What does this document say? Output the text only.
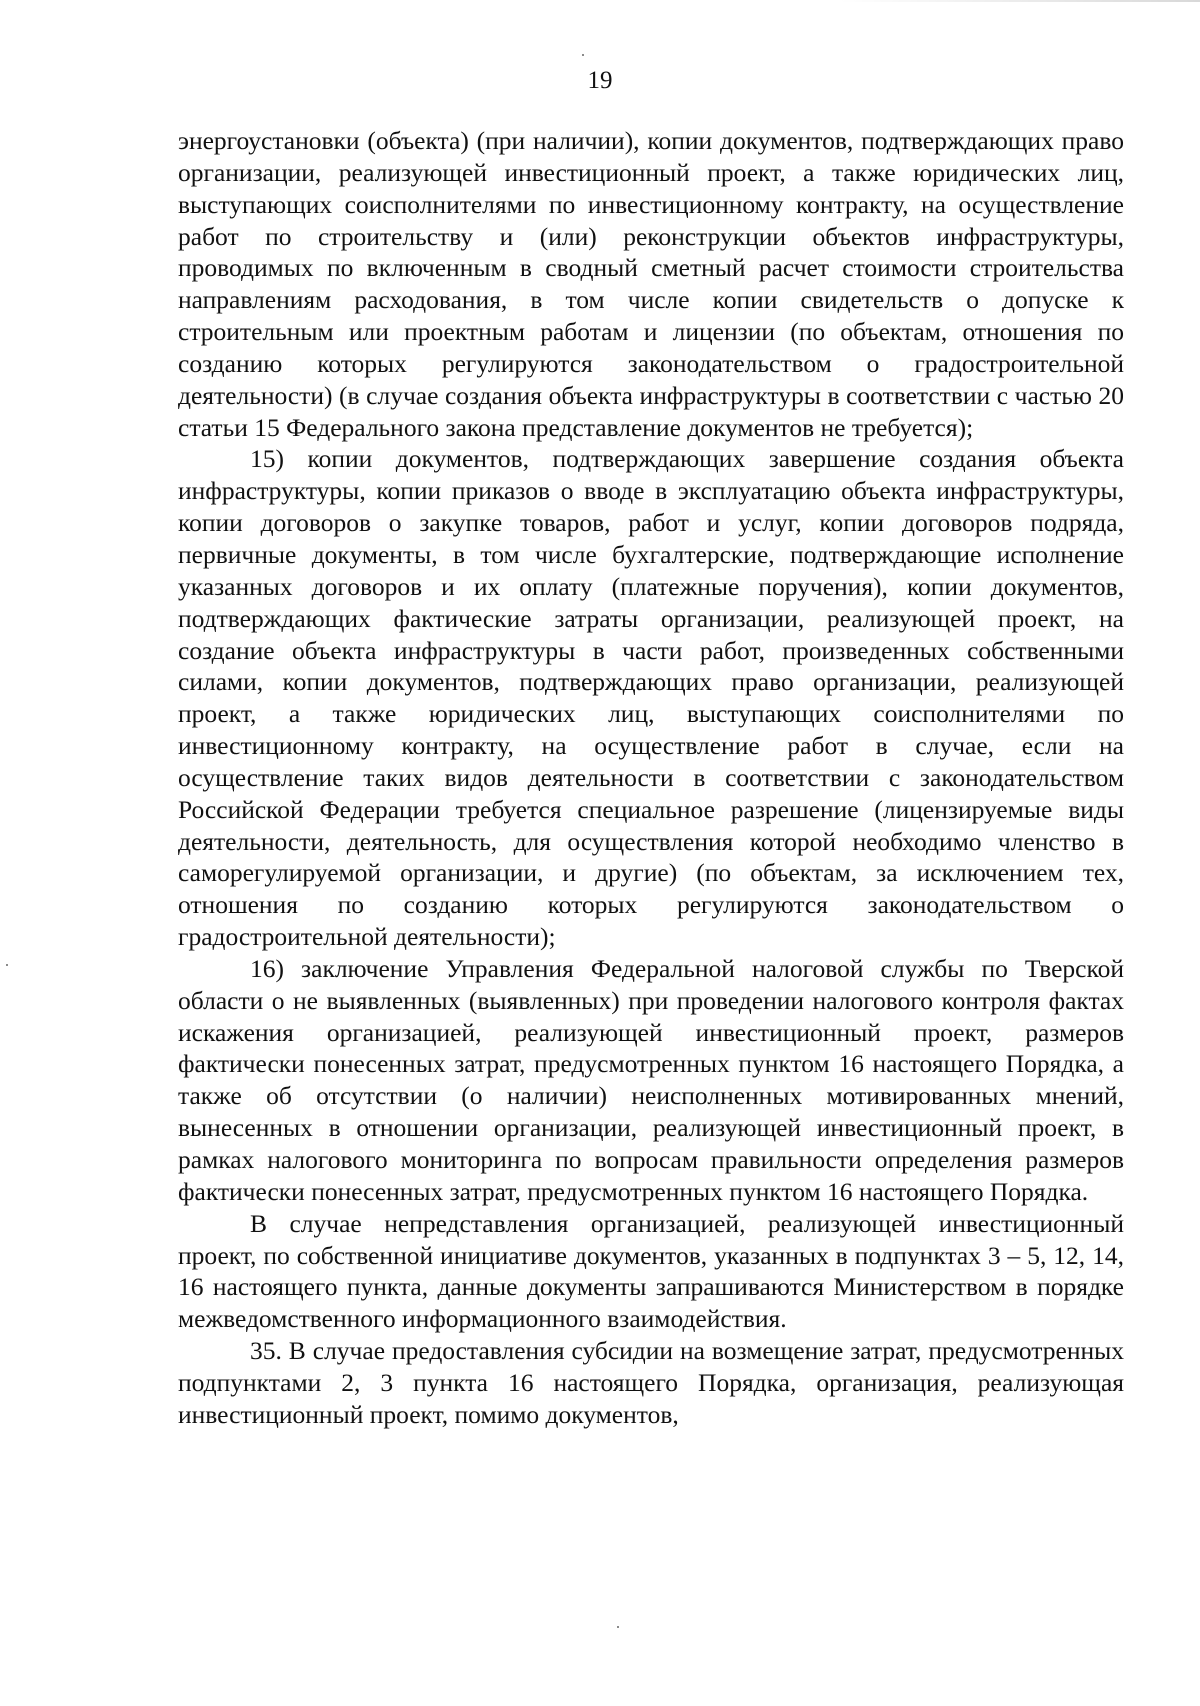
19

энергоустановки (объекта) (при наличии), копии документов, подтверждающих право организации, реализующей инвестиционный проект, а также юридических лиц, выступающих соисполнителями по инвестиционному контракту, на осуществление работ по строительству и (или) реконструкции объектов инфраструктуры, проводимых по включенным в сводный сметный расчет стоимости строительства направлениям расходования, в том числе копии свидетельств о допуске к строительным или проектным работам и лицензии (по объектам, отношения по созданию которых регулируются законодательством о градостроительной деятельности) (в случае создания объекта инфраструктуры в соответствии с частью 20 статьи 15 Федерального закона представление документов не требуется);

15) копии документов, подтверждающих завершение создания объекта инфраструктуры, копии приказов о вводе в эксплуатацию объекта инфраструктуры, копии договоров о закупке товаров, работ и услуг, копии договоров подряда, первичные документы, в том числе бухгалтерские, подтверждающие исполнение указанных договоров и их оплату (платежные поручения), копии документов, подтверждающих фактические затраты организации, реализующей проект, на создание объекта инфраструктуры в части работ, произведенных собственными силами, копии документов, подтверждающих право организации, реализующей проект, а также юридических лиц, выступающих соисполнителями по инвестиционному контракту, на осуществление работ в случае, если на осуществление таких видов деятельности в соответствии с законодательством Российской Федерации требуется специальное разрешение (лицензируемые виды деятельности, деятельность, для осуществления которой необходимо членство в саморегулируемой организации, и другие) (по объектам, за исключением тех, отношения по созданию которых регулируются законодательством о градостроительной деятельности);

16) заключение Управления Федеральной налоговой службы по Тверской области о не выявленных (выявленных) при проведении налогового контроля фактах искажения организацией, реализующей инвестиционный проект, размеров фактически понесенных затрат, предусмотренных пунктом 16 настоящего Порядка, а также об отсутствии (о наличии) неисполненных мотивированных мнений, вынесенных в отношении организации, реализующей инвестиционный проект, в рамках налогового мониторинга по вопросам правильности определения размеров фактически понесенных затрат, предусмотренных пунктом 16 настоящего Порядка.

В случае непредставления организацией, реализующей инвестиционный проект, по собственной инициативе документов, указанных в подпунктах 3 – 5, 12, 14, 16 настоящего пункта, данные документы запрашиваются Министерством в порядке межведомственного информационного взаимодействия.

35. В случае предоставления субсидии на возмещение затрат, предусмотренных подпунктами 2, 3 пункта 16 настоящего Порядка, организация, реализующая инвестиционный проект, помимо документов,
